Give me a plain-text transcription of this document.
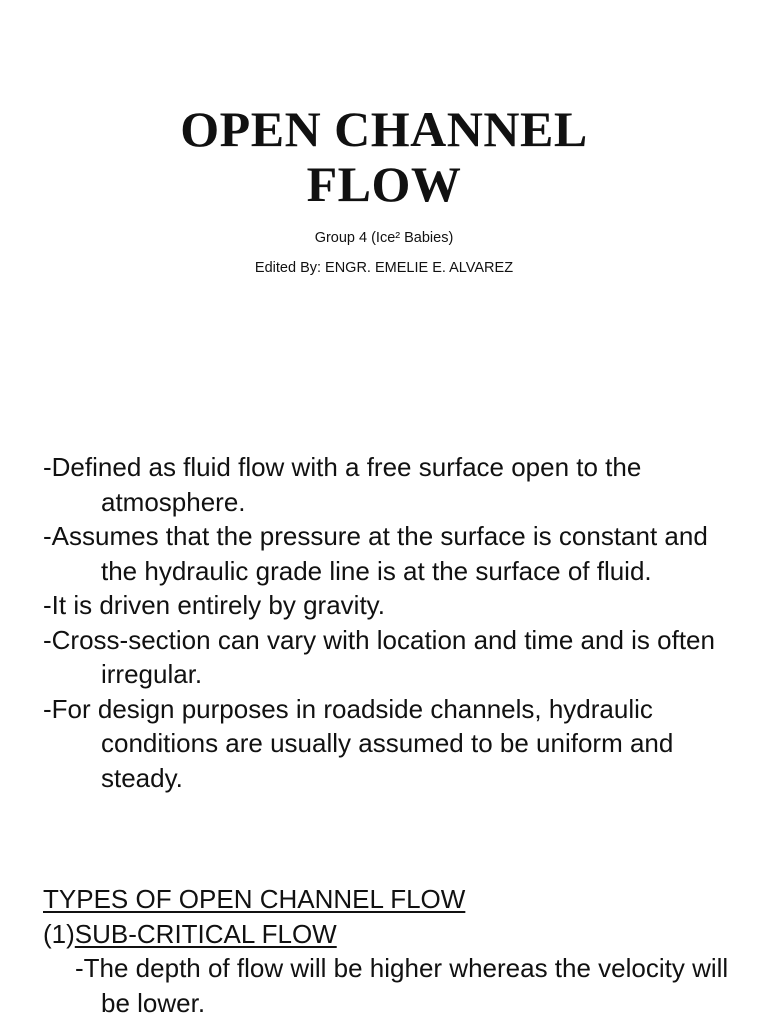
OPEN CHANNEL
FLOW

Group 4 (Ice² Babies)

Edited By: ENGR. EMELIE E. ALVAREZ

-Defined as fluid flow with a free surface open to the atmosphere.
-Assumes that the pressure at the surface is constant and the hydraulic grade line is at the surface of fluid.
-It is driven entirely by gravity.
-Cross-section can vary with location and time and is often irregular.
-For design purposes in roadside channels, hydraulic conditions are usually assumed to be uniform and steady.

TYPES OF OPEN CHANNEL FLOW

(1)SUB-CRITICAL FLOW

-The depth of flow will be higher whereas the velocity will be lower.
